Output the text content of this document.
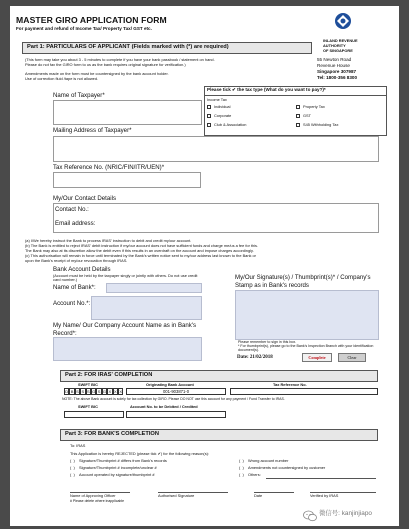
MASTER GIRO APPLICATION FORM
For payment and refund of Income Tax/ Property Tax/ GST etc.
INLAND REVENUE
AUTHORITY
OF SINGAPORE
55 Newton Road
Revenue House
Singapore 307987
Tel: 1800-356 8300
Part 1: PARTICULARS OF APPLICANT (Fields marked with (*) are required)
(This form may take you about 3 - 5 minutes to complete if you have your bank passbook / statement on hand.
Please do not fax the GIRO form to us as the bank requires original signature for verification.)
Amendments made on the form must be countersigned by the bank account holder.
Use of correction fluid /tape is not allowed.
Please tick ✔ the tax type (What do you want to pay?)*
Income Tax
Individual	Property Tax
Corporate	GST
Club & Association	S45 Withholding Tax
Name of Taxpayer*
Mailing Address of Taxpayer*
Tax Reference No. (NRIC/FIN/ITR/UEN)*
My/Our Contact Details
Contact No.:
Email address:
(a) I/We hereby instruct the Bank to process IRAS' instruction to debit and credit my/our account.
(b) The Bank is entitled to reject IRAS' debit instruction if my/our account does not have sufficient funds and charge me/us a fee for this.
The Bank may also at its discretion allow the debit even if this results in an overdraft on the account and impose charges accordingly.
(c) This authorisation will remain in force until terminated by the Bank's written notice sent to my/our address last known to the Bank or
upon the Bank's receipt of my/our revocation through IRAS.
Bank Account Details
(Account must be held by the taxpayer singly or jointly with others. Do not use credit card number.)
Name of Bank*:
Account No.*:
My Name/ Our Company Account Name as in Bank's Record*:
My/Our Signature(s) / Thumbprint(s)* / Company's Stamp as in Bank's records
Please remember to sign in this box.
* For thumbprint(s), please go to the Bank's Inspection Branch with your identification document(s).
Date: 21/02/2018	Complete	Clear
Part 2: FOR IRAS' COMPLETION
SWIFT BIC	Originating Bank Account	Tax Reference No.
D B S S S G S G X X X	001-903871-0
NOTE: The above Bank account is solely for tax collection by GIRO. Please DO NOT use this account for any payment / Fund Transfer to IRAS.
SWIFT BIC	Account No. to be Debited / Credited
Part 3: FOR BANK'S COMPLETION
To: IRAS
This Application is hereby REJECTED (please tick ✔) for the following reason(s):
(  ) Signature/Thumbprint # differs from Bank's records	(  ) Wrong account number
(  ) Signature/Thumbprint # incomplete/unclear #	(  ) Amendments not countersigned by customer
(  ) Account operated by signature/thumbprint #	(  ) Others:
Name of Approving Officer	Authorised Signature	Date	Verified by IRAS
# Please delete where inapplicable
微信号: kanjinjiapo
